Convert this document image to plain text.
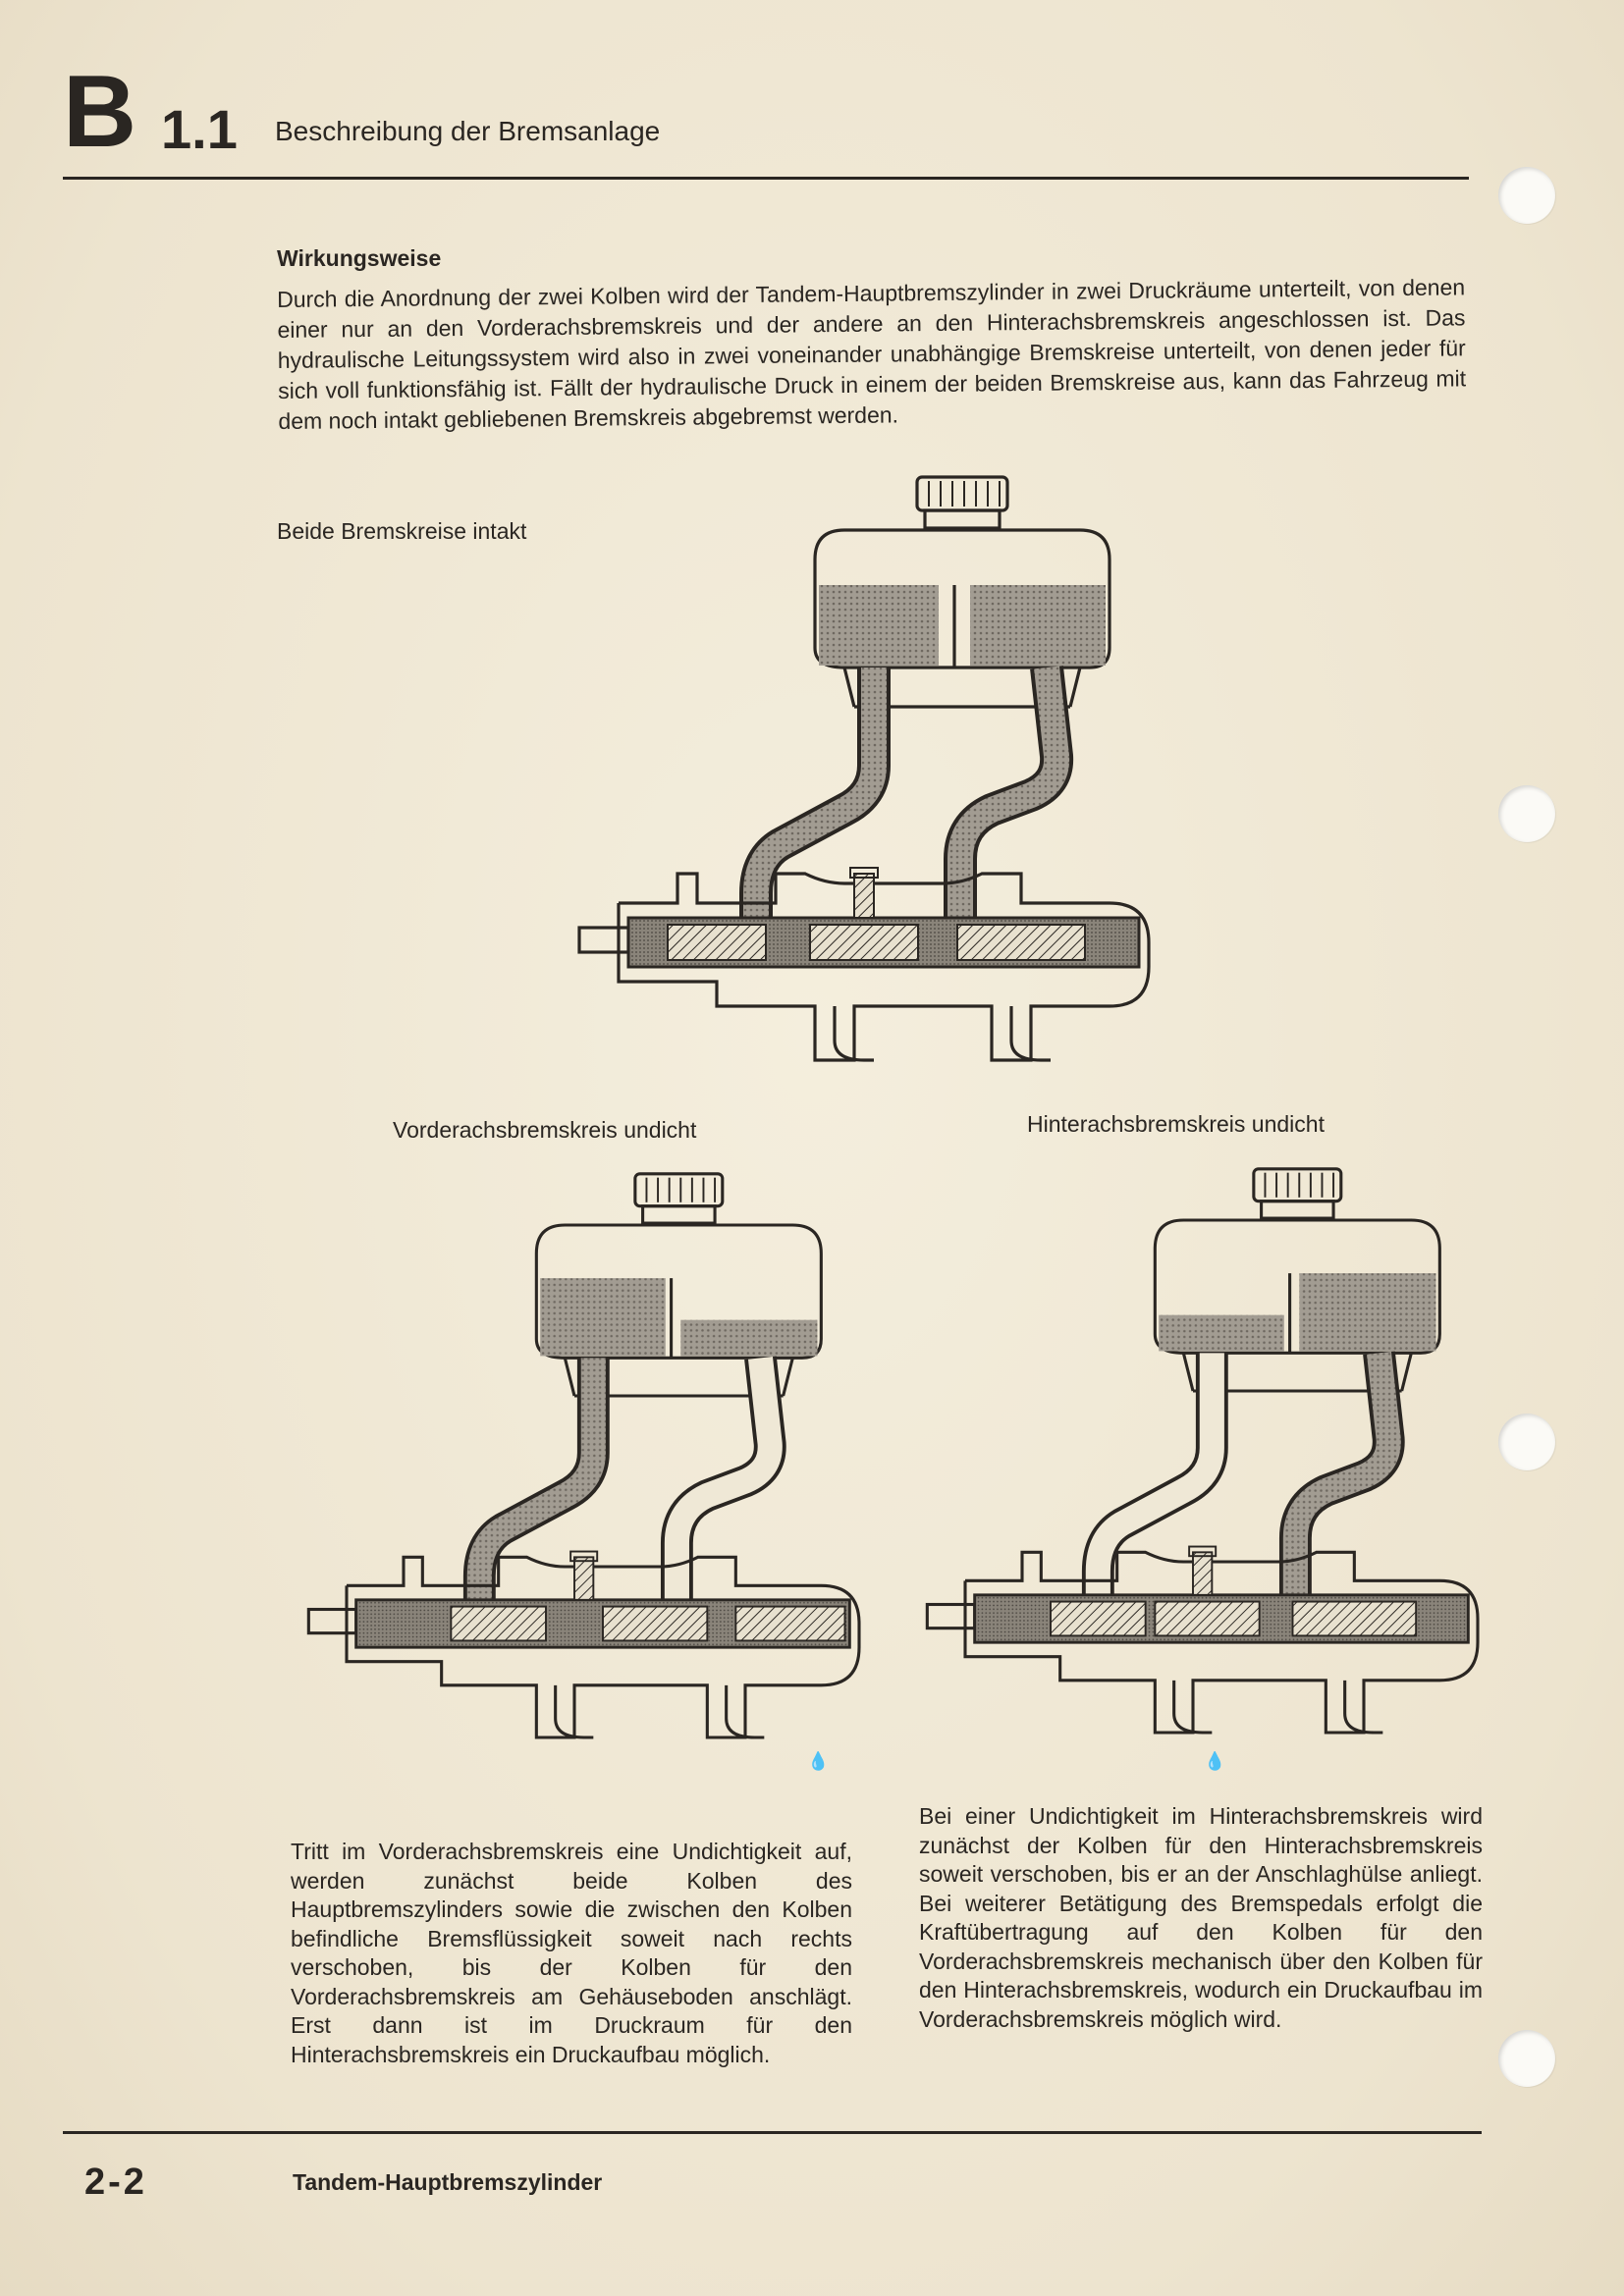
B 1.1 Beschreibung der Bremsanlage
Wirkungsweise
Durch die Anordnung der zwei Kolben wird der Tandem-Hauptbremszylinder in zwei Druckräume unterteilt, von denen einer nur an den Vorderachsbremskreis und der andere an den Hinterachsbremskreis angeschlossen ist. Das hydraulische Leitungssystem wird also in zwei voneinander unabhängige Bremskreise unterteilt, von denen jeder für sich voll funktionsfähig ist. Fällt der hydraulische Druck in einem der beiden Bremskreise aus, kann das Fahrzeug mit dem noch intakt gebliebenen Bremskreis abgebremst werden.
Beide Bremskreise intakt
Vorderachsbremskreis undicht	Hinterachsbremskreis undicht
💧	💧
Tritt im Vorderachsbremskreis eine Undichtigkeit auf, werden zunächst beide Kolben des Hauptbremszylinders sowie die zwischen den Kolben befindliche Bremsflüssigkeit soweit nach rechts verschoben, bis der Kolben für den Vorderachsbremskreis am Gehäuseboden anschlägt. Erst dann ist im Druckraum für den Hinterachsbremskreis ein Druckaufbau möglich.
Bei einer Undichtigkeit im Hinterachsbremskreis wird zunächst der Kolben für den Hinterachsbremskreis soweit verschoben, bis er an der Anschlaghülse anliegt. Bei weiterer Betätigung des Bremspedals erfolgt die Kraftübertragung auf den Kolben für den Vorderachsbremskreis mechanisch über den Kolben für den Hinterachsbremskreis, wodurch ein Druckaufbau im Vorderachsbremskreis möglich wird.
2-2	Tandem-Hauptbremszylinder
